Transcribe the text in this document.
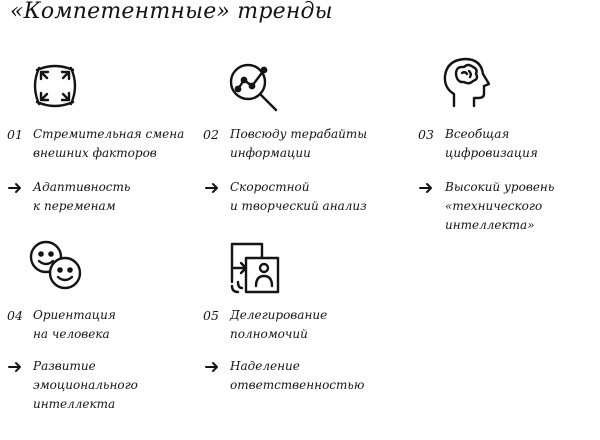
«Компетентные» тренды
01 Стремительная смена
внешних факторов
Адаптивность
к переменам
02 Повсюду терабайты
информации
Скоростной
и творческий анализ
03 Всеобщая
цифровизация
Высокий уровень
«технического
интеллекта»
04 Ориентация
на человека
Развитие
эмоционального
интеллекта
05 Делегирование
полномочий
Наделение
ответственностью
